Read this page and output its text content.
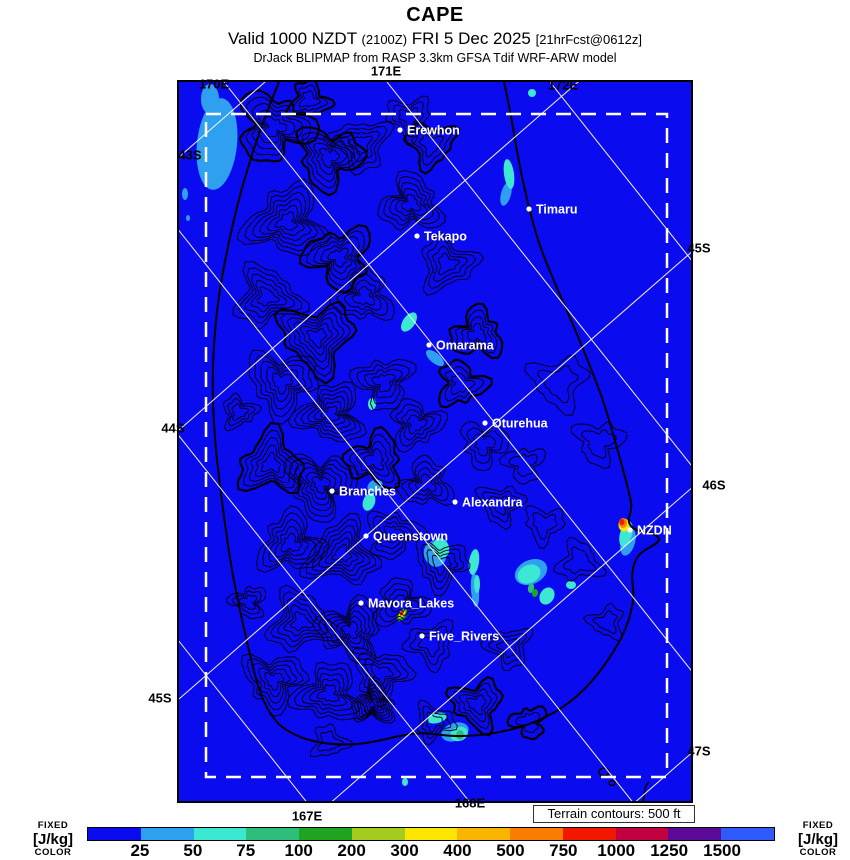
CAPE
Valid 1000 NZDT (2100Z) FRI 5 Dec 2025 [21hrFcst@0612z]
DrJack BLIPMAP from RASP 3.3km GFSA Tdif WRF-ARW model
Erewhon
Timaru
Tekapo
Omarama
Oturehua
Branches
Alexandra
NZDN
Queenstown
Mavora_Lakes
Five_Rivers
170E
171E
172E
43S
44S
45S
45S
46S
47S
167E
168E
Terrain contours: 500 ft
FIXED
[J/kg]
COLOR	25 50 75 100 200 300 400 500 750 1000 1250 1500
FIXED
[J/kg]
COLOR
